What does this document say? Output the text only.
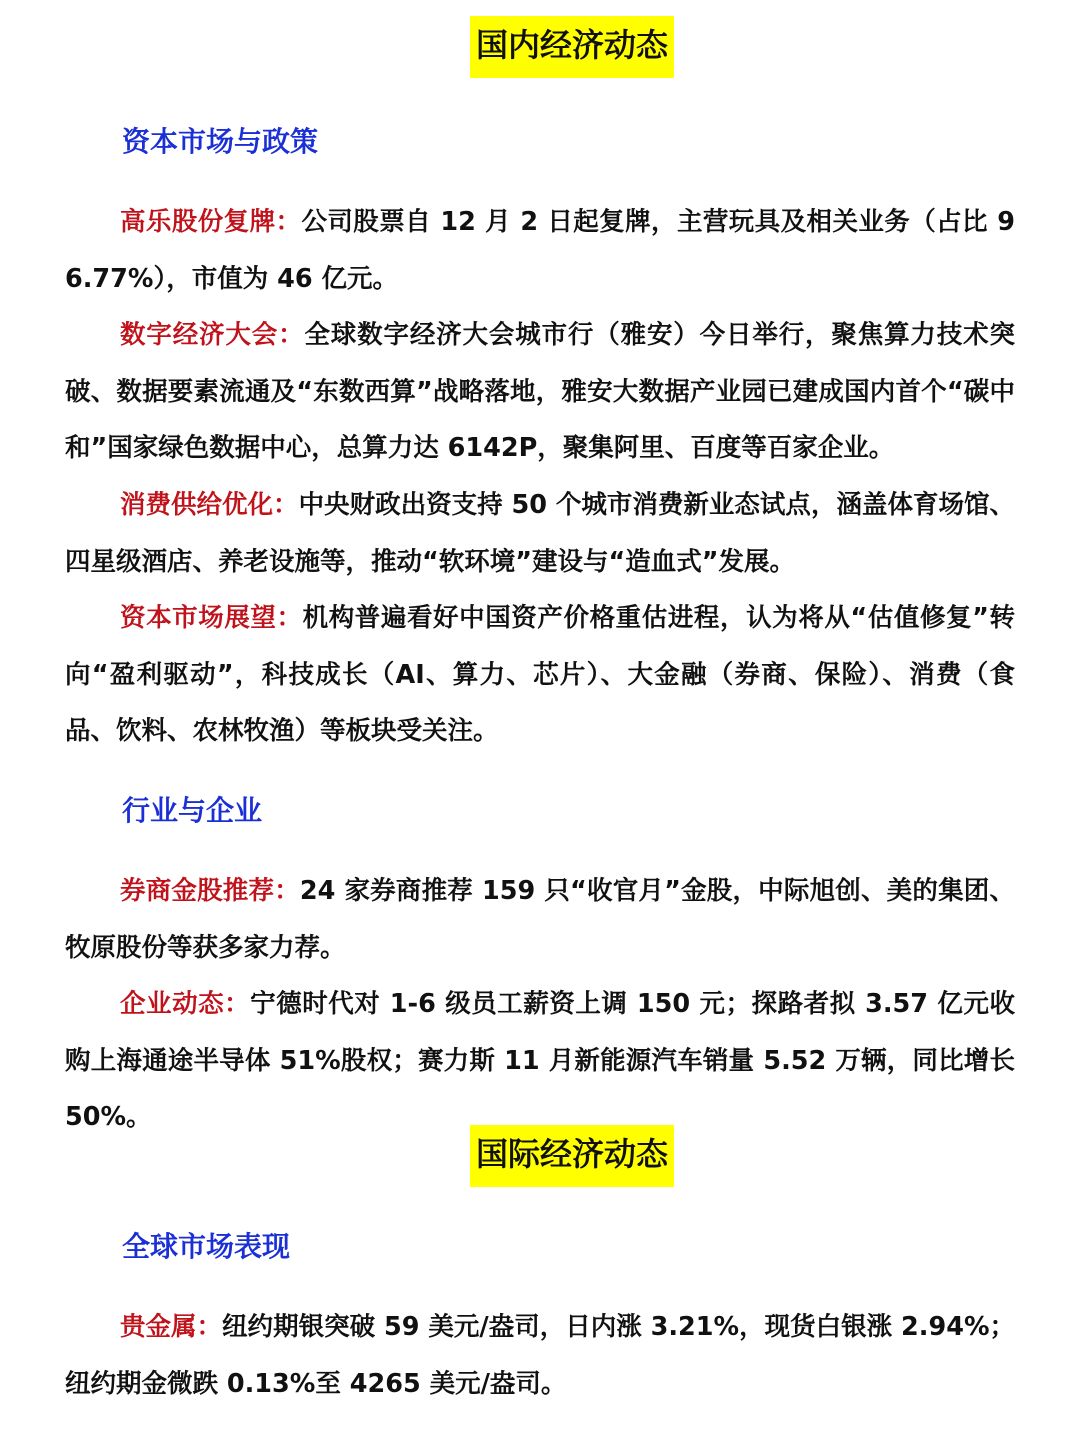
国内经济动态
资本市场与政策
高乐股份复牌：公司股票自 12 月 2 日起复牌，主营玩具及相关业务（占比 96.77%），市值为 46 亿元。
数字经济大会：全球数字经济大会城市行（雅安）今日举行，聚焦算力技术突破、数据要素流通及“东数西算”战略落地，雅安大数据产业园已建成国内首个“碳中和”国家绿色数据中心，总算力达 6142P，聚集阿里、百度等百家企业。
消费供给优化：中央财政出资支持 50 个城市消费新业态试点，涵盖体育场馆、四星级酒店、养老设施等，推动“软环境”建设与“造血式”发展。
资本市场展望：机构普遍看好中国资产价格重估进程，认为将从“估值修复”转向“盈利驱动”，科技成长（AI、算力、芯片）、大金融（券商、保险）、消费（食品、饮料、农林牧渔）等板块受关注。
行业与企业
券商金股推荐：24 家券商推荐 159 只“收官月”金股，中际旭创、美的集团、牧原股份等获多家力荐。
企业动态：宁德时代对 1-6 级员工薪资上调 150 元；探路者拟 3.57 亿元收购上海通途半导体 51%股权；赛力斯 11 月新能源汽车销量 5.52 万辆，同比增长 50%。
国际经济动态
全球市场表现
贵金属：纽约期银突破 59 美元/盎司，日内涨 3.21%，现货白银涨 2.94%；纽约期金微跌 0.13%至 4265 美元/盎司。
